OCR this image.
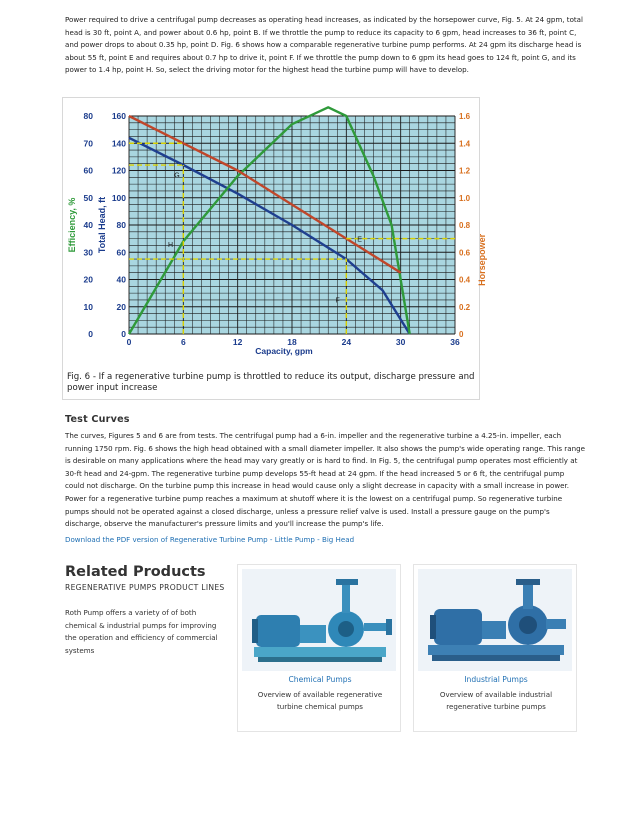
Power required to drive a centrifugal pump decreases as operating head increases, as indicated by the horsepower curve, Fig. 5. At 24 gpm, total head is 30 ft, point A, and power about 0.6 hp, point B. If we throttle the pump to reduce its capacity to 6 gpm, head increases to 36 ft, point C, and power drops to about 0.35 hp, point D. Fig. 6 shows how a comparable regenerative turbine pump performs. At 24 gpm its discharge head is about 55 ft, point E and requires about 0.7 hp to drive it, point F. If we throttle the pump down to 6 gpm its head goes to 124 ft, point G, and its power to 1.4 hp, point H. So, select the driving motor for the highest head the turbine pump will have to develop.

G
H
E
F
0	6	12	18	24	30	36
Capacity, gpm
80
70
60
50
40
30
20
10
0
160
140
120
100
80
60
40
20
0
1.6
1.4
1.2
1.0
0.8
0.6
0.4
0.2
0
Efficiency, % Total Head, ft
Horsepower

Fig. 6 - If a regenerative turbine pump is throttled to reduce its output, discharge pressure and power input increase

Test Curves

The curves, Figures 5 and 6 are from tests. The centrifugal pump had a 6-in. impeller and the regenerative turbine a 4.25-in. impeller, each running 1750 rpm. Fig. 6 shows the high head obtained with a small diameter impeller. It also shows the pump's wide operating range. This range is desirable on many applications where the head may vary greatly or is hard to find. In Fig. 5, the centrifugal pump operates most efficiently at 30-ft head and 24-gpm. The regenerative turbine pump develops 55-ft head at 24 gpm. If the head increased 5 or 6 ft, the centrifugal pump could not discharge. On the turbine pump this increase in head would cause only a slight decrease in capacity with a small increase in power. Power for a regenerative turbine pump reaches a maximum at shutoff where it is the lowest on a centrifugal pump. So regenerative turbine pumps should not be operated against a closed discharge, unless a pressure relief valve is used. Install a pressure gauge on the pump's discharge, observe the manufacturer's pressure limits and you'll increase the pump's life.

Download the PDF version of Regenerative Turbine Pump - Little Pump - Big Head
Related Products
REGENERATIVE PUMPS PRODUCT LINES

Roth Pump offers a variety of of both chemical & industrial pumps for improving the operation and efficiency of commercial systems

Chemical Pumps

Overview of available regenerative turbine chemical pumps

Industrial Pumps

Overview of available industrial regenerative turbine pumps
